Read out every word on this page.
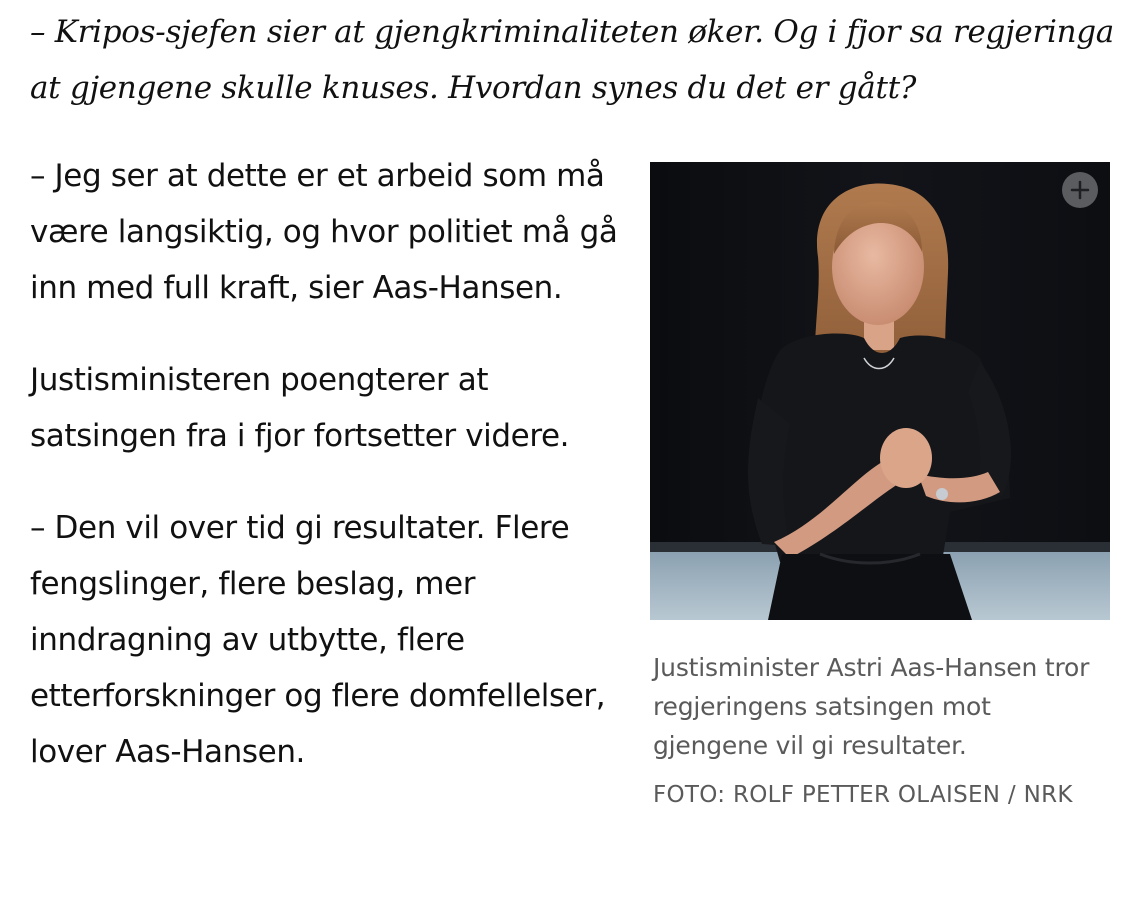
– Kripos-sjefen sier at gjengkriminaliteten øker. Og i fjor sa regjeringa at gjengene skulle knuses. Hvordan synes du det er gått?

– Jeg ser at dette er et arbeid som må være langsiktig, og hvor politiet må gå inn med full kraft, sier Aas-Hansen.

Justisministeren poengterer at satsingen fra i fjor fortsetter videre.

– Den vil over tid gi resultater. Flere fengslinger, flere beslag, mer inndragning av utbytte, flere etterforskninger og flere domfellelser, lover Aas-Hansen.

Justisminister Astri Aas-Hansen tror regjeringens satsingen mot gjengene vil gi resultater.
FOTO: ROLF PETTER OLAISEN / NRK
